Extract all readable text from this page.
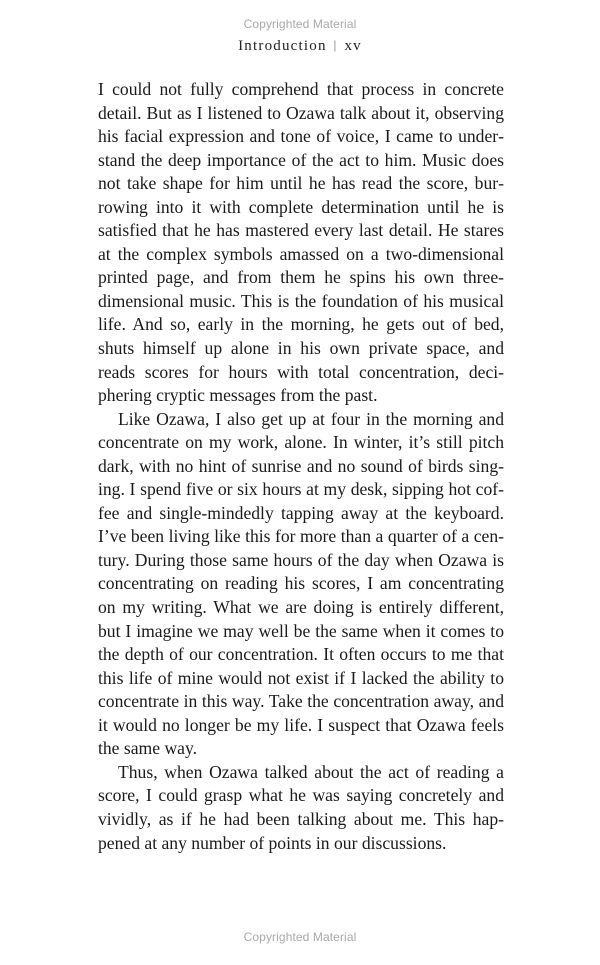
Copyrighted Material
Introduction | xv

I could not fully comprehend that process in concrete detail. But as I listened to Ozawa talk about it, observing his facial expression and tone of voice, I came to understand the deep importance of the act to him. Music does not take shape for him until he has read the score, burrowing into it with complete determination until he is satisfied that he has mastered every last detail. He stares at the complex symbols amassed on a two-dimensional printed page, and from them he spins his own three-dimensional music. This is the foundation of his musical life. And so, early in the morning, he gets out of bed, shuts himself up alone in his own private space, and reads scores for hours with total concentration, deciphering cryptic messages from the past.

Like Ozawa, I also get up at four in the morning and concentrate on my work, alone. In winter, it’s still pitch dark, with no hint of sunrise and no sound of birds singing. I spend five or six hours at my desk, sipping hot coffee and single-mindedly tapping away at the keyboard. I’ve been living like this for more than a quarter of a century. During those same hours of the day when Ozawa is concentrating on reading his scores, I am concentrating on my writing. What we are doing is entirely different, but I imagine we may well be the same when it comes to the depth of our concentration. It often occurs to me that this life of mine would not exist if I lacked the ability to concentrate in this way. Take the concentration away, and it would no longer be my life. I suspect that Ozawa feels the same way.

Thus, when Ozawa talked about the act of reading a score, I could grasp what he was saying concretely and vividly, as if he had been talking about me. This happened at any number of points in our discussions.

Copyrighted Material
